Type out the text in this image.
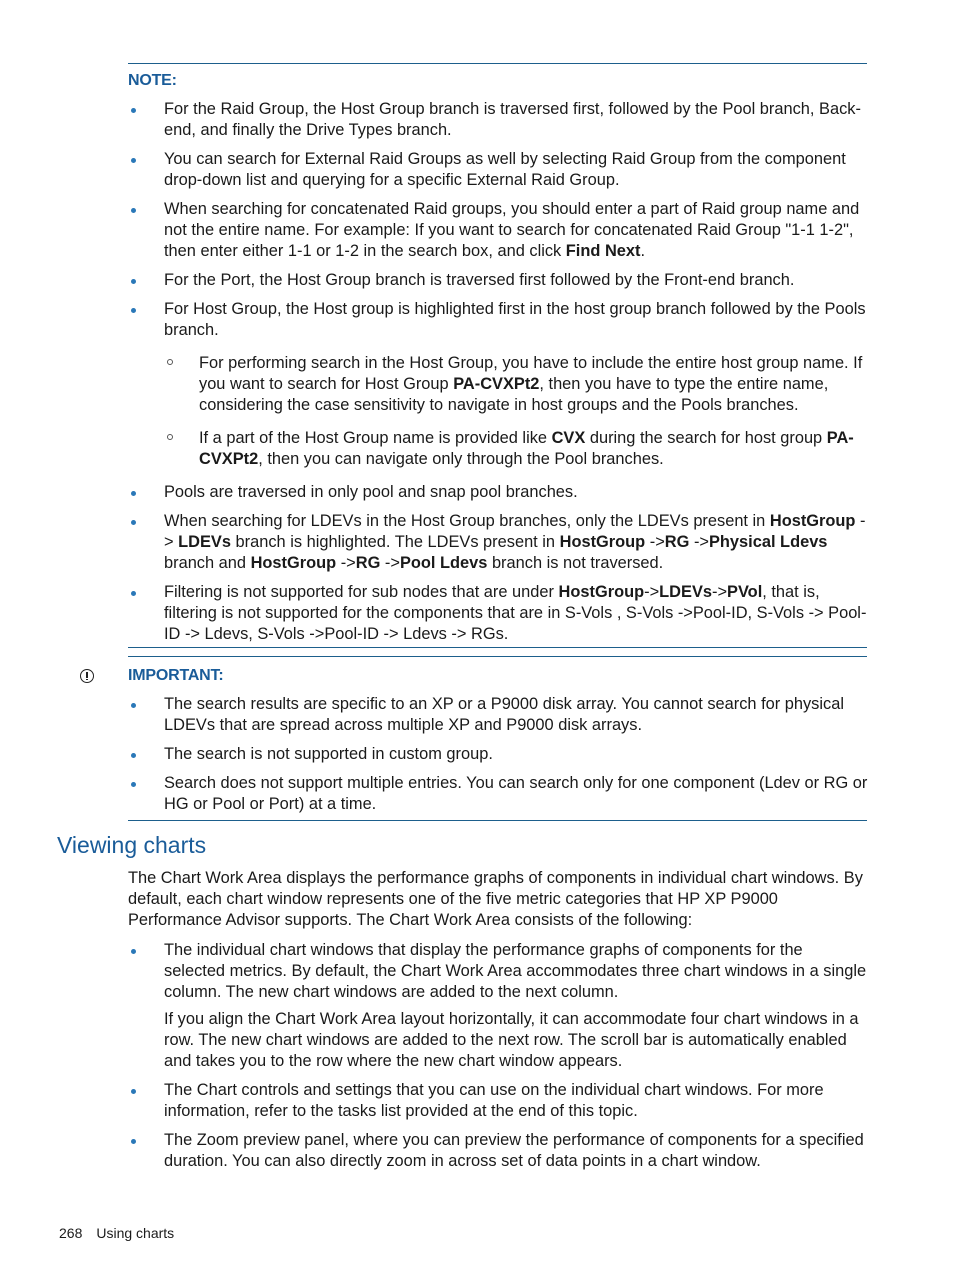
NOTE:
For the Raid Group, the Host Group branch is traversed first, followed by the Pool branch, Back-end, and finally the Drive Types branch.
You can search for External Raid Groups as well by selecting Raid Group from the component drop-down list and querying for a specific External Raid Group.
When searching for concatenated Raid groups, you should enter a part of Raid group name and not the entire name. For example: If you want to search for concatenated Raid Group "1-1 1-2", then enter either 1-1 or 1-2 in the search box, and click Find Next.
For the Port, the Host Group branch is traversed first followed by the Front-end branch.
For Host Group, the Host group is highlighted first in the host group branch followed by the Pools branch.
For performing search in the Host Group, you have to include the entire host group name. If you want to search for Host Group PA-CVXPt2, then you have to type the entire name, considering the case sensitivity to navigate in host groups and the Pools branches.
If a part of the Host Group name is provided like CVX during the search for host group PA-CVXPt2, then you can navigate only through the Pool branches.
Pools are traversed in only pool and snap pool branches.
When searching for LDEVs in the Host Group branches, only the LDEVs present in HostGroup -> LDEVs branch is highlighted. The LDEVs present in HostGroup ->RG ->Physical Ldevs branch and HostGroup ->RG ->Pool Ldevs branch is not traversed.
Filtering is not supported for sub nodes that are under HostGroup->LDEVs->PVol, that is, filtering is not supported for the components that are in S-Vols , S-Vols ->Pool-ID, S-Vols -> Pool-ID -> Ldevs, S-Vols ->Pool-ID -> Ldevs -> RGs.
IMPORTANT:
The search results are specific to an XP or a P9000 disk array. You cannot search for physical LDEVs that are spread across multiple XP and P9000 disk arrays.
The search is not supported in custom group.
Search does not support multiple entries. You can search only for one component (Ldev or RG or HG or Pool or Port) at a time.
Viewing charts

The Chart Work Area displays the performance graphs of components in individual chart windows. By default, each chart window represents one of the five metric categories that HP XP P9000 Performance Advisor supports. The Chart Work Area consists of the following:

The individual chart windows that display the performance graphs of components for the selected metrics. By default, the Chart Work Area accommodates three chart windows in a single column. The new chart windows are added to the next column.
If you align the Chart Work Area layout horizontally, it can accommodate four chart windows in a row. The new chart windows are added to the next row. The scroll bar is automatically enabled and takes you to the row where the new chart window appears.
The Chart controls and settings that you can use on the individual chart windows. For more information, refer to the tasks list provided at the end of this topic.
The Zoom preview panel, where you can preview the performance of components for a specified duration. You can also directly zoom in across set of data points in a chart window.
268 Using charts
